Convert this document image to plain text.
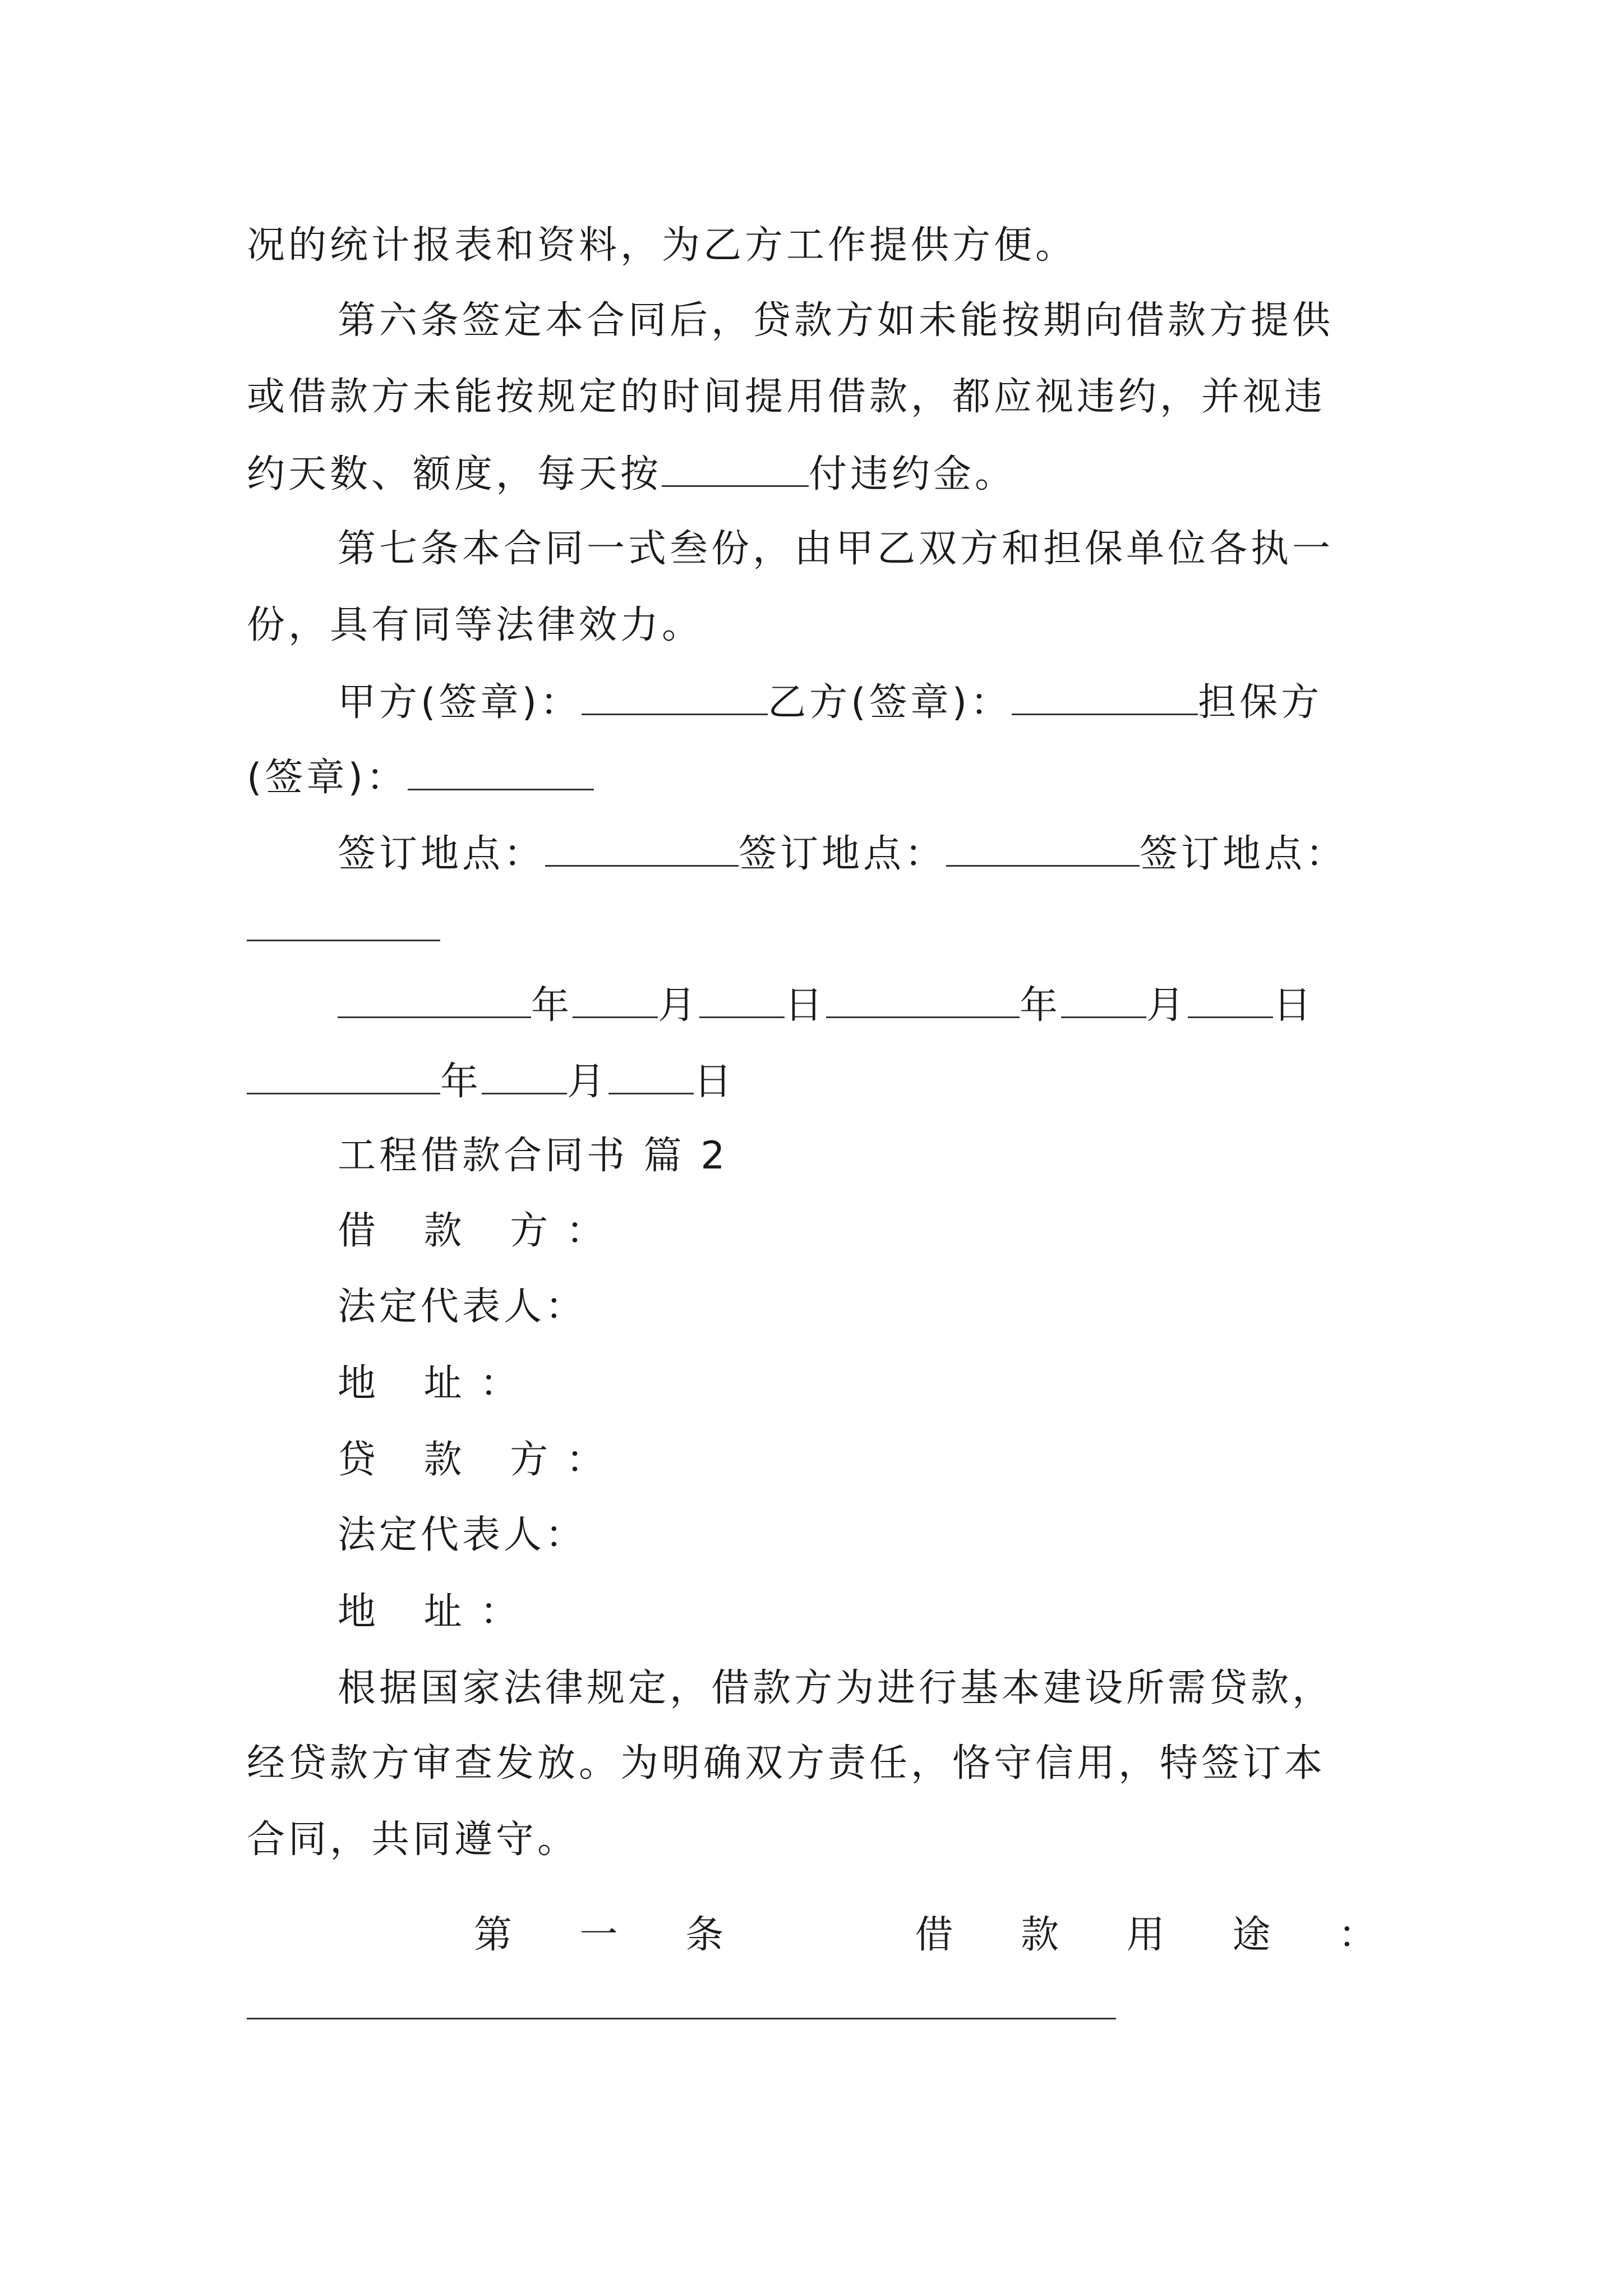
况的统计报表和资料，为乙方工作提供方便。
第六条签定本合同后，贷款方如未能按期向借款方提供
或借款方未能按规定的时间提用借款，都应视违约，并视违
约天数、额度，每天按	付违约金。
第七条本合同一式叁份，由甲乙双方和担保单位各执一
份，具有同等法律效力。
甲方(签章)：	乙方(签章)：	担保方
(签章)：
签订地点：	签订地点：	签订地点：
年 月 日	年 月 日
年 月 日
工程借款合同书 篇 2
借 款 方：
法定代表人：
地 址：
贷 款 方：
法定代表人：
地 址：
根据国家法律规定，借款方为进行基本建设所需贷款，
经贷款方审查发放。为明确双方责任，恪守信用，特签订本
合同，共同遵守。
第 一 条	借 款 用 途 ：
